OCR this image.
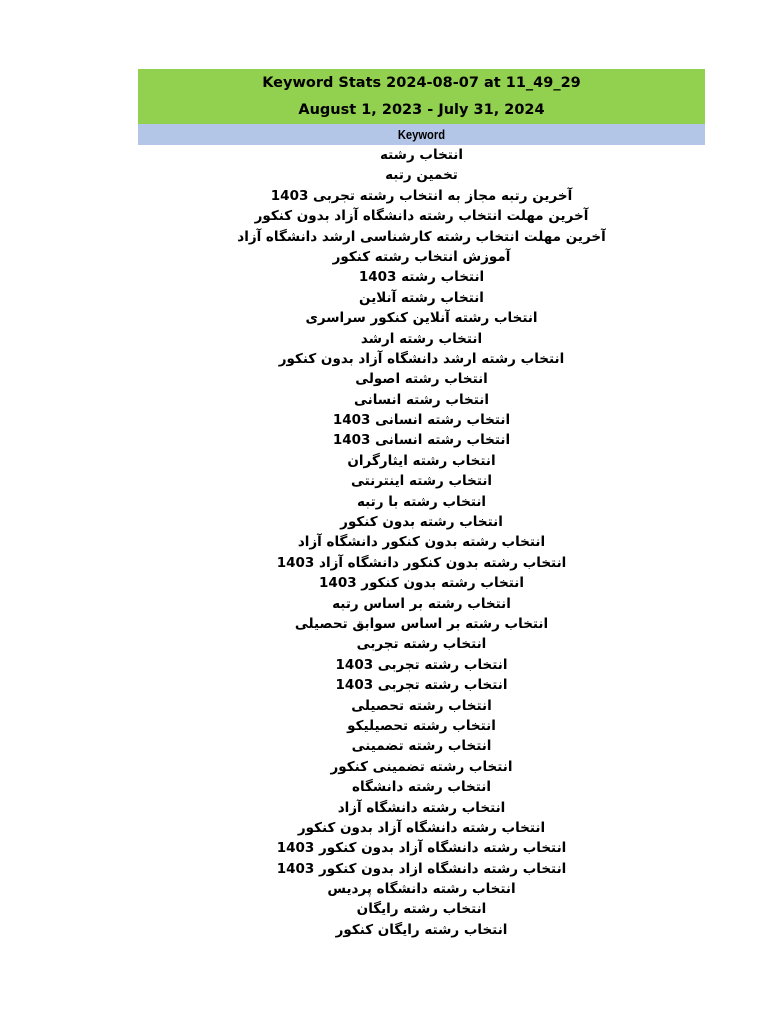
Keyword Stats 2024-08-07 at 11_49_29
August 1, 2023 - July 31, 2024
Keyword
انتخاب رشته
تخمین رتبه
آخرین رتبه مجاز به انتخاب رشته تجربی 1403
آخرین مهلت انتخاب رشته دانشگاه آزاد بدون کنکور
آخرین مهلت انتخاب رشته کارشناسی ارشد دانشگاه آزاد
آموزش انتخاب رشته کنکور
انتخاب رشته 1403
انتخاب رشته آنلاین
انتخاب رشته آنلاین کنکور سراسری
انتخاب رشته ارشد
انتخاب رشته ارشد دانشگاه آزاد بدون کنکور
انتخاب رشته اصولی
انتخاب رشته انسانی
انتخاب رشته انسانی 1403
انتخاب رشته انسانی 1403
انتخاب رشته ایثارگران
انتخاب رشته اینترنتی
انتخاب رشته با رتبه
انتخاب رشته بدون کنکور
انتخاب رشته بدون کنکور دانشگاه آزاد
انتخاب رشته بدون کنکور دانشگاه آزاد 1403
انتخاب رشته بدون کنکور 1403
انتخاب رشته بر اساس رتبه
انتخاب رشته بر اساس سوابق تحصیلی
انتخاب رشته تجربی
انتخاب رشته تجربی 1403
انتخاب رشته تجربی 1403
انتخاب رشته تحصیلی
انتخاب رشته تحصیلیکو
انتخاب رشته تضمینی
انتخاب رشته تضمینی کنکور
انتخاب رشته دانشگاه
انتخاب رشته دانشگاه آزاد
انتخاب رشته دانشگاه آزاد بدون کنکور
انتخاب رشته دانشگاه آزاد بدون کنکور 1403
انتخاب رشته دانشگاه ازاد بدون کنکور 1403
انتخاب رشته دانشگاه پردیس
انتخاب رشته رایگان
انتخاب رشته رایگان کنکور
